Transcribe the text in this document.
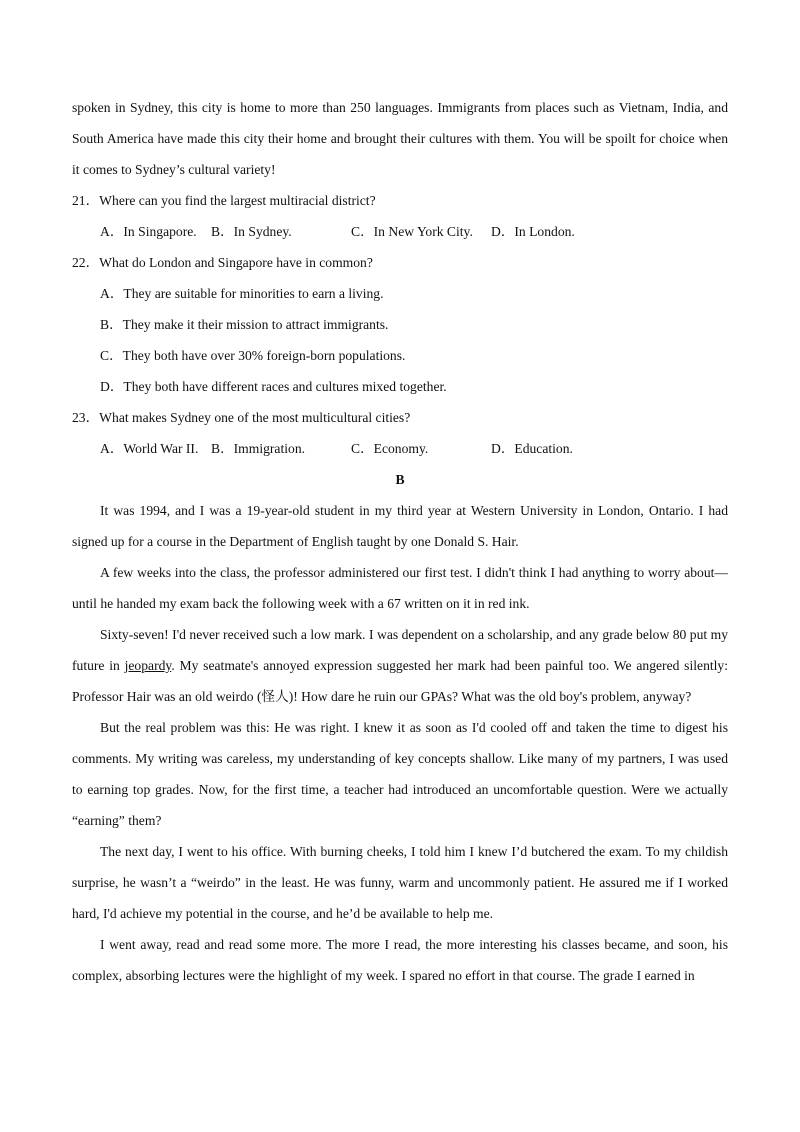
spoken in Sydney, this city is home to more than 250 languages. Immigrants from places such as Vietnam, India, and South America have made this city their home and brought their cultures with them. You will be spoilt for choice when it comes to Sydney’s cultural variety!

21．Where can you find the largest multiracial district?

A．In Singapore.	B．In Sydney.	C．In New York City.	D．In London.

22．What do London and Singapore have in common?

A．They are suitable for minorities to earn a living.

B．They make it their mission to attract immigrants.

C．They both have over 30% foreign-born populations.

D．They both have different races and cultures mixed together.

23．What makes Sydney one of the most multicultural cities?

A．World War II. B．Immigration.	C．Economy.	D．Education.

B

It was 1994, and I was a 19-year-old student in my third year at Western University in London, Ontario. I had signed up for a course in the Department of English taught by one Donald S. Hair.

A few weeks into the class, the professor administered our first test. I didn't think I had anything to worry about—until he handed my exam back the following week with a 67 written on it in red ink.

Sixty-seven! I'd never received such a low mark. I was dependent on a scholarship, and any grade below 80 put my future in jeopardy. My seatmate's annoyed expression suggested her mark had been painful too. We angered silently: Professor Hair was an old weirdo (怪人)! How dare he ruin our GPAs? What was the old boy's problem, anyway?

But the real problem was this: He was right. I knew it as soon as I'd cooled off and taken the time to digest his comments. My writing was careless, my understanding of key concepts shallow. Like many of my partners, I was used to earning top grades. Now, for the first time, a teacher had introduced an uncomfortable question. Were we actually “earning” them?

The next day, I went to his office. With burning cheeks, I told him I knew I’d butchered the exam. To my childish surprise, he wasn’t a “weirdo” in the least. He was funny, warm and uncommonly patient. He assured me if I worked hard, I'd achieve my potential in the course, and he’d be available to help me.

I went away, read and read some more. The more I read, the more interesting his classes became, and soon, his complex, absorbing lectures were the highlight of my week. I spared no effort in that course. The grade I earned in
